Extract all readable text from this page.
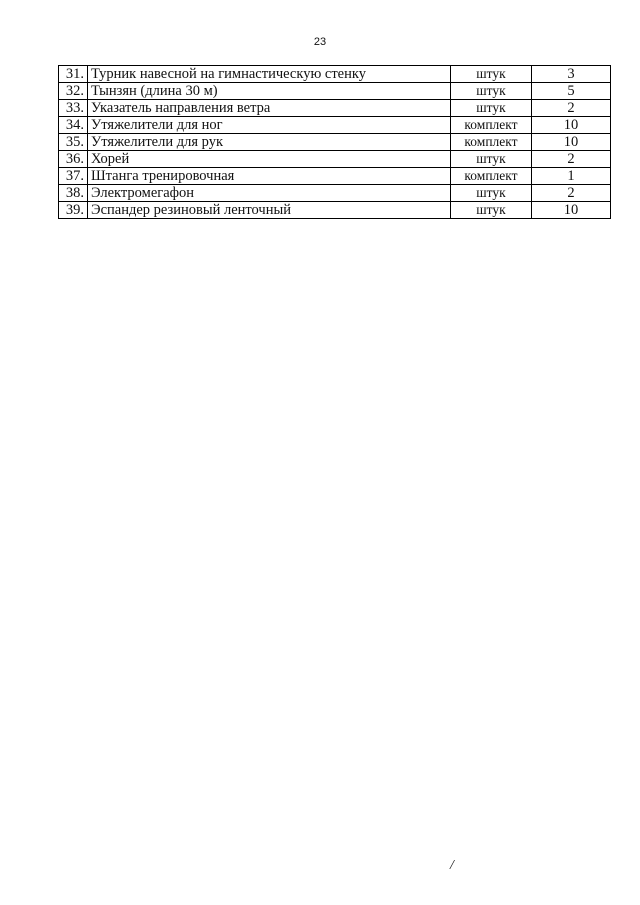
23
31.	Турник навесной на гимнастическую стенку	штук	3
32.	Тынзян (длина 30 м)	штук	5
33.	Указатель направления ветра	штук	2
34.	Утяжелители для ног	комплект	10
35.	Утяжелители для рук	комплект	10
36.	Хорей	штук	2
37.	Штанга тренировочная	комплект	1
38.	Электромегафон	штук	2
39.	Эспандер резиновый ленточный	штук	10
/
